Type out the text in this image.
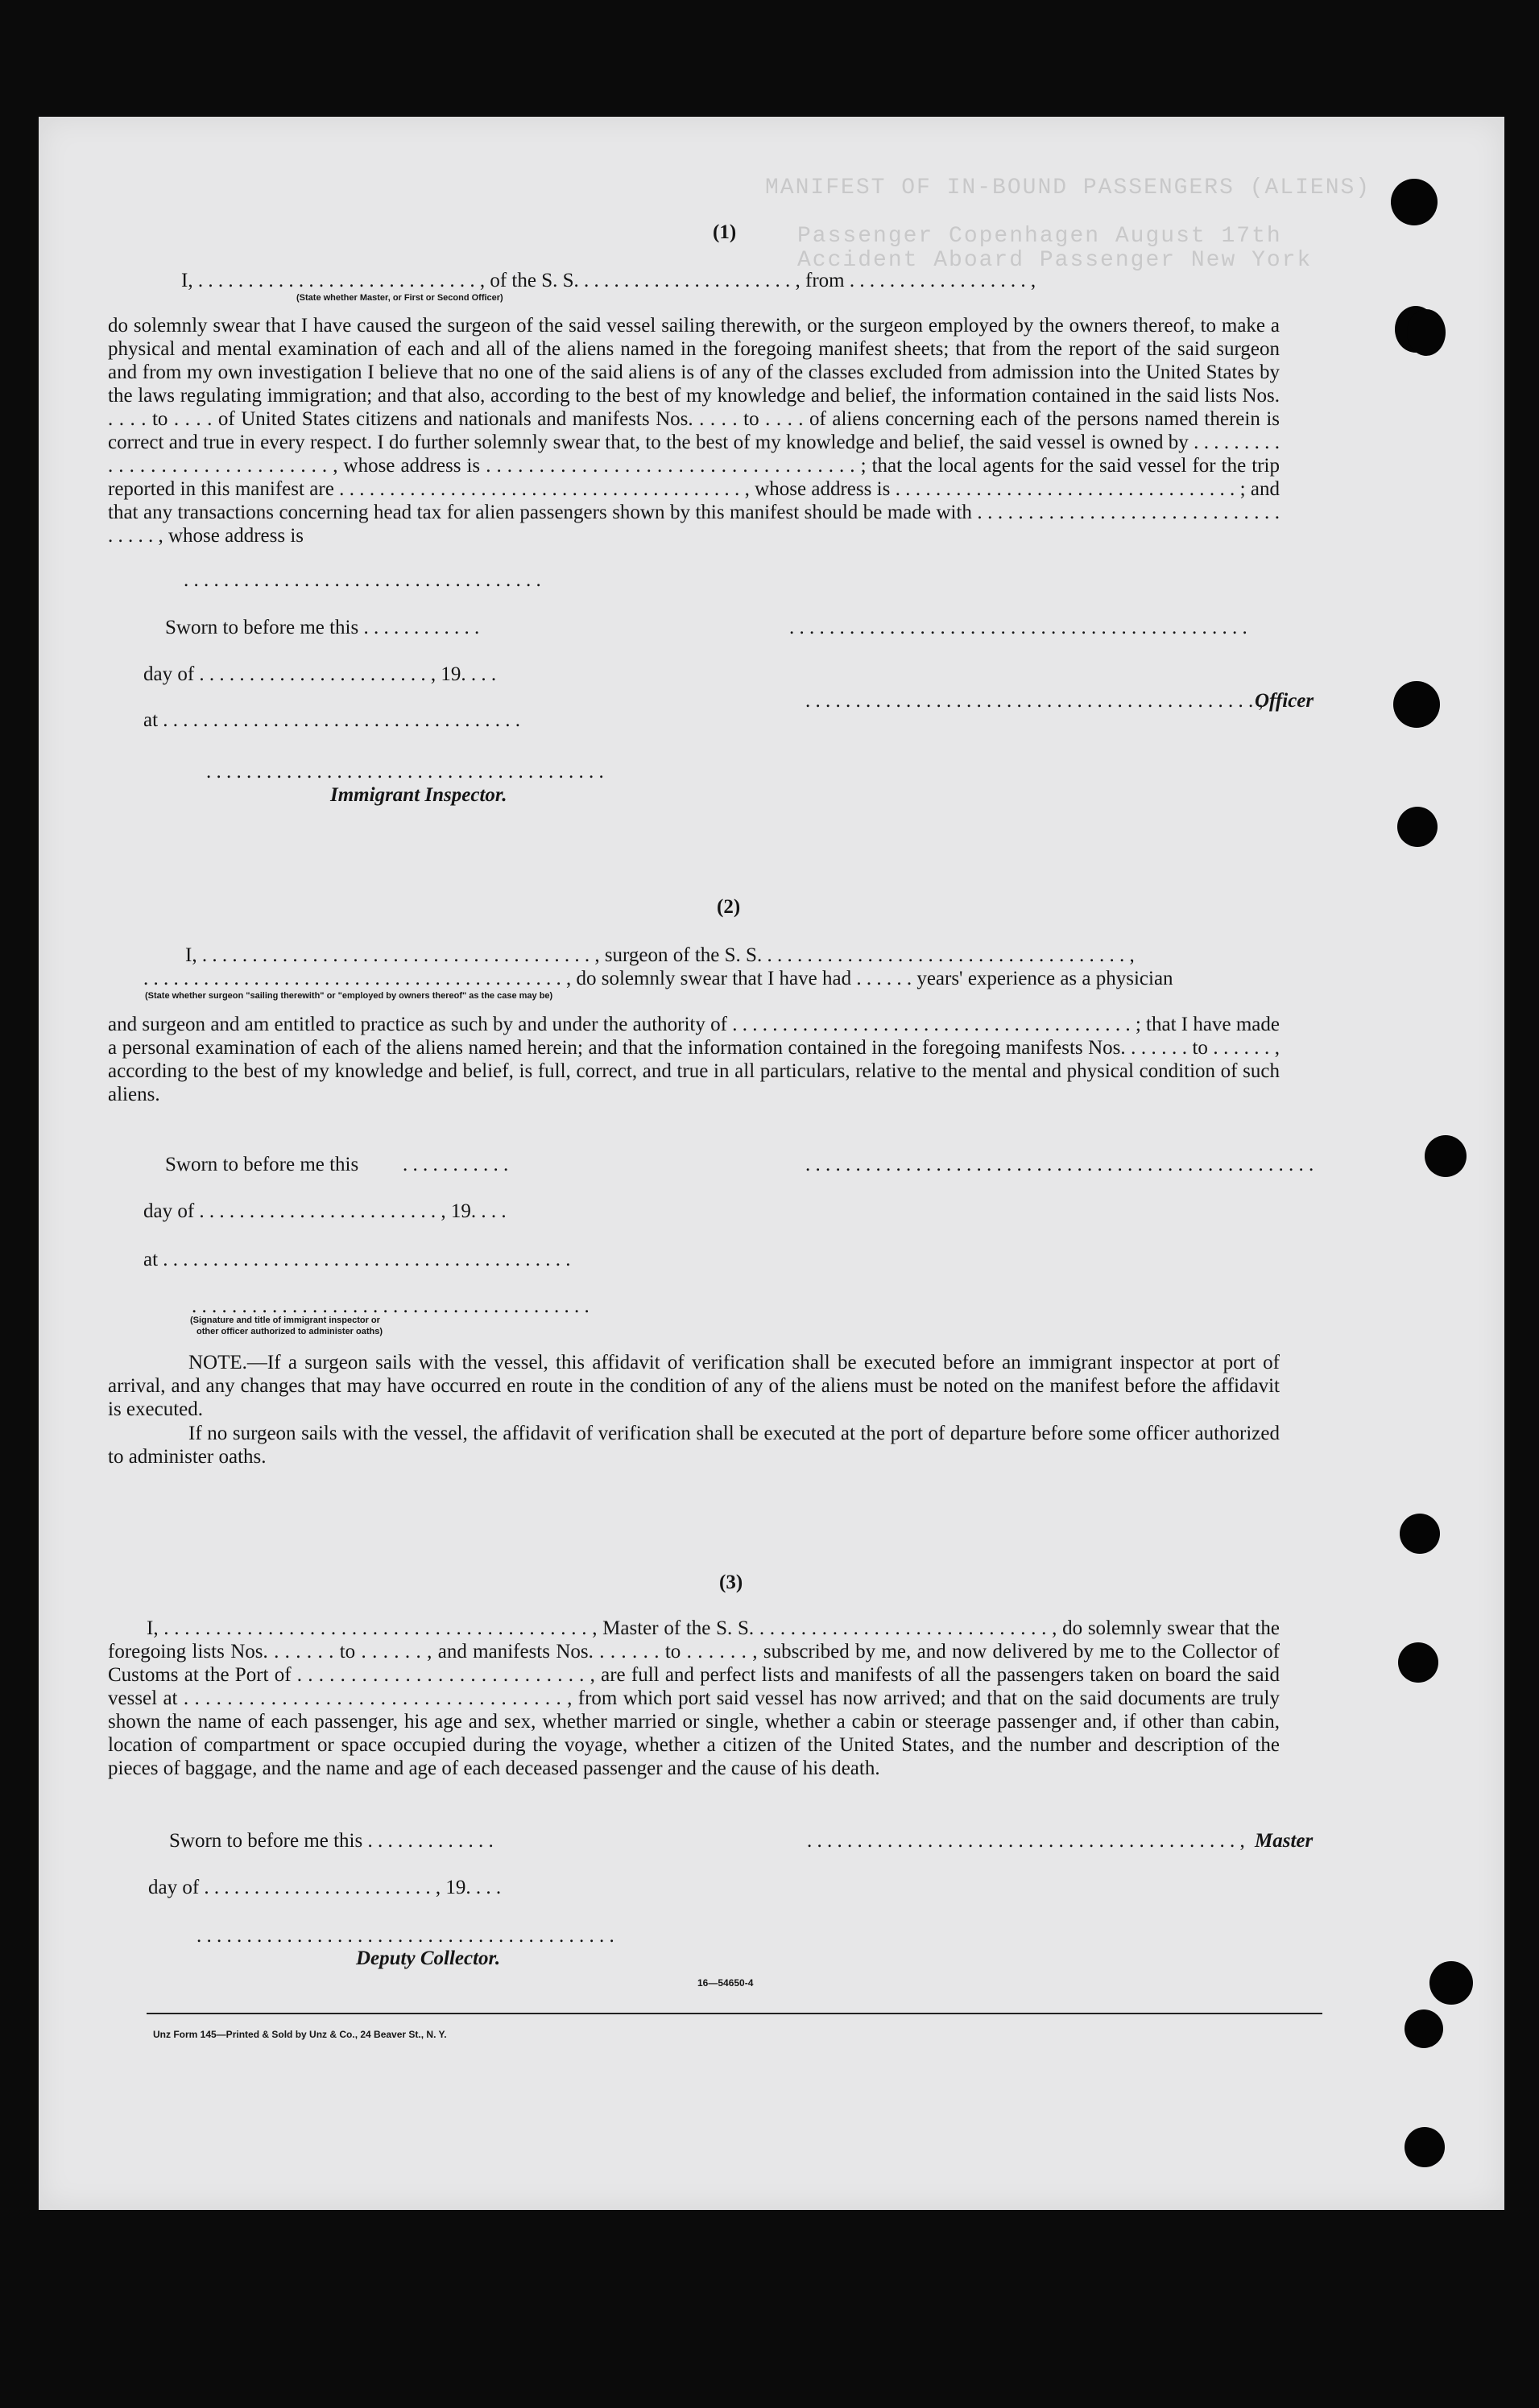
MANIFEST OF IN-BOUND PASSENGERS (ALIENS)
Passenger Copenhagen August 17th
Accident Aboard Passenger New York
(1)
I, . . . . . . . . . . . . . . . . . . . . . . . . . . . . , of the S. S. . . . . . . . . . . . . . . . . . . . . . , from . . . . . . . . . . . . . . . . . . ,
(State whether Master, or First or Second Officer)
do solemnly swear that I have caused the surgeon of the said vessel sailing therewith, or the surgeon employed by the owners thereof, to make a physical and mental examination of each and all of the aliens named in the foregoing manifest sheets; that from the report of the said surgeon and from my own investigation I believe that no one of the said aliens is of any of the classes excluded from admission into the United States by the laws regulating immigration; and that also, according to the best of my knowledge and belief, the information contained in the said lists Nos. . . . . to . . . . of United States citizens and nationals and manifests Nos. . . . . to . . . . of aliens concerning each of the persons named therein is correct and true in every respect. I do further solemnly swear that, to the best of my knowledge and belief, the said vessel is owned by . . . . . . . . . . . . . . . . . . . . . . . . . . . . . . , whose address is . . . . . . . . . . . . . . . . . . . . . . . . . . . . . . . . . . . ; that the local agents for the said vessel for the trip reported in this manifest are . . . . . . . . . . . . . . . . . . . . . . . . . . . . . . . . . . . . . . . . , whose address is . . . . . . . . . . . . . . . . . . . . . . . . . . . . . . . . . . ; and that any transactions concerning head tax for alien passengers shown by this manifest should be made with . . . . . . . . . . . . . . . . . . . . . . . . . . . . . . . . . . . , whose address is
. . . . . . . . . . . . . . . . . . . . . . . . . . . . . . . . . . . .
Sworn to before me this . . . . . . . . . . . .	. . . . . . . . . . . . . . . . . . . . . . . . . . . . . . . . . . . . . . . . . . . . . .
day of . . . . . . . . . . . . . . . . . . . . . . . , 19. . . .
at . . . . . . . . . . . . . . . . . . . . . . . . . . . . . . . . . . . .
. . . . . . . . . . . . . . . . . . . . . . . . . . . . . . . . . . . . . . . . . . . . . ,
Officer
. . . . . . . . . . . . . . . . . . . . . . . . . . . . . . . . . . . . . . . .
Immigrant Inspector.
(2)
I, . . . . . . . . . . . . . . . . . . . . . . . . . . . . . . . . . . . . . . . , surgeon of the S. S. . . . . . . . . . . . . . . . . . . . . . . . . . . . . . . . . . . . . ,
. . . . . . . . . . . . . . . . . . . . . . . . . . . . . . . . . . . . . . . . . . , do solemnly swear that I have had . . . . . . years' experience as a physician
(State whether surgeon "sailing therewith" or "employed by owners thereof" as the case may be)
and surgeon and am entitled to practice as such by and under the authority of . . . . . . . . . . . . . . . . . . . . . . . . . . . . . . . . . . . . . . . . ; that I have made a personal examination of each of the aliens named herein; and that the information contained in the foregoing manifests Nos. . . . . . . to . . . . . . , according to the best of my knowledge and belief, is full, correct, and true in all particulars, relative to the mental and physical condition of such aliens.
Sworn to before me this . . . . . . . . . . .	. . . . . . . . . . . . . . . . . . . . . . . . . . . . . . . . . . . . . . . . . . . . . . . . . . .
day of . . . . . . . . . . . . . . . . . . . . . . . . , 19. . . .
at . . . . . . . . . . . . . . . . . . . . . . . . . . . . . . . . . . . . . . . . .
. . . . . . . . . . . . . . . . . . . . . . . . . . . . . . . . . . . . . . . .
(Signature and title of immigrant inspector or
other officer authorized to administer oaths)
NOTE.—If a surgeon sails with the vessel, this affidavit of verification shall be executed before an immigrant inspector at port of arrival, and any changes that may have occurred en route in the condition of any of the aliens must be noted on the manifest before the affidavit is executed.
If no surgeon sails with the vessel, the affidavit of verification shall be executed at the port of departure before some officer authorized to administer oaths.
(3)
I, . . . . . . . . . . . . . . . . . . . . . . . . . . . . . . . . . . . . . . . . . , Master of the S. S. . . . . . . . . . . . . . . . . . . . . . . . . . . . . , do solemnly swear that the foregoing lists Nos. . . . . . . to . . . . . . , and manifests Nos. . . . . . . to . . . . . . , subscribed by me, and now delivered by me to the Collector of Customs at the Port of . . . . . . . . . . . . . . . . . . . . . . . . . . . , are full and perfect lists and manifests of all the passengers taken on board the said vessel at . . . . . . . . . . . . . . . . . . . . . . . . . . . . . . . . . . . , from which port said vessel has now arrived; and that on the said documents are truly shown the name of each passenger, his age and sex, whether married or single, whether a cabin or steerage passenger and, if other than cabin, location of compartment or space occupied during the voyage, whether a citizen of the United States, and the number and description of the pieces of baggage, and the name and age of each deceased passenger and the cause of his death.
Sworn to before me this . . . . . . . . . . . . .	. . . . . . . . . . . . . . . . . . . . . . . . . . . . . . . . . . . . . . . . . . . , Master
day of . . . . . . . . . . . . . . . . . . . . . . . , 19. . . .
. . . . . . . . . . . . . . . . . . . . . . . . . . . . . . . . . . . . . . . . . .
Deputy Collector.
16—54650-4
Unz Form 145—Printed & Sold by Unz & Co., 24 Beaver St., N. Y.
